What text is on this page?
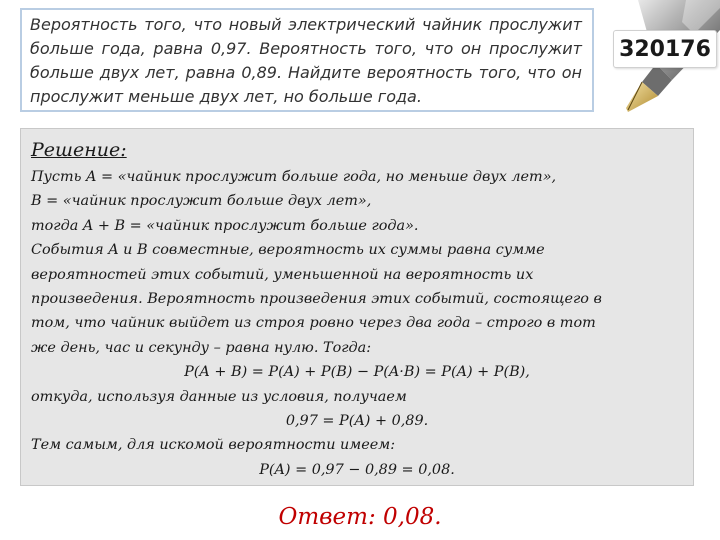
Вероятность того, что новый электрический чайник прослужит больше года, равна 0,97. Вероятность того, что он прослужит больше двух лет, равна 0,89. Найдите вероятность того, что он прослужит меньше двух лет, но больше года.

320176
Решение:
Пусть A = «чайник прослужит больше года, но меньше двух лет»,
В = «чайник прослужит больше двух лет»,
тогда A + B = «чайник прослужит больше года».
События A и В совместные, вероятность их суммы равна сумме
вероятностей этих событий, уменьшенной на вероятность их
произведения. Вероятность произведения этих событий, состоящего в
том, что чайник выйдет из строя ровно через два года – строго в тот
же день, час и секунду – равна нулю. Тогда:
P(A + B) = P(A) + P(B) − P(A·B) = P(A) + P(B),
откуда, используя данные из условия, получаем
0,97 = P(A) + 0,89.
Тем самым, для искомой вероятности имеем:
P(A) = 0,97 − 0,89 = 0,08.
Ответ: 0,08.
